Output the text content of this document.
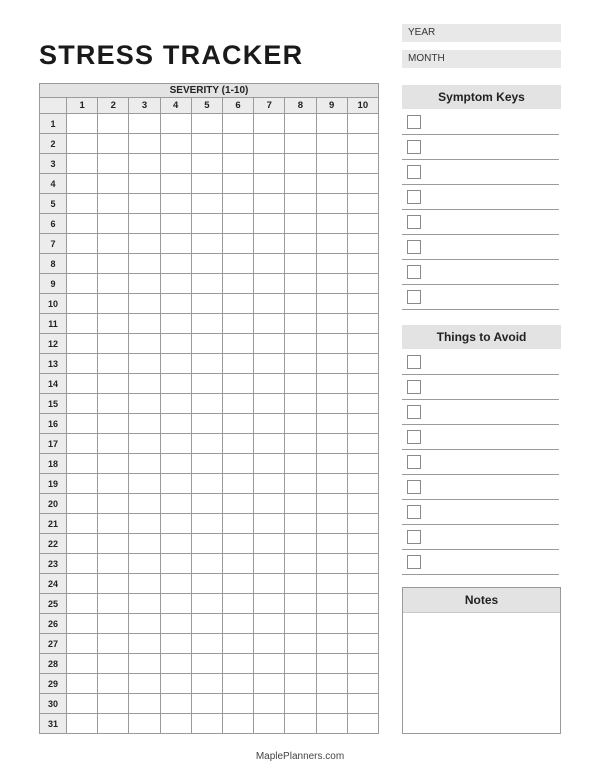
STRESS TRACKER
YEAR
MONTH
SEVERITY (1-10)
	1	2	3	4	5	6	7	8	9	10
1										
2										
3										
4										
5										
6										
7										
8										
9										
10										
11										
12										
13										
14										
15										
16										
17										
18										
19										
20										
21										
22										
23										
24										
25										
26										
27										
28										
29										
30										
31										
Symptom Keys
Things to Avoid
Notes
MaplePlanners.com
